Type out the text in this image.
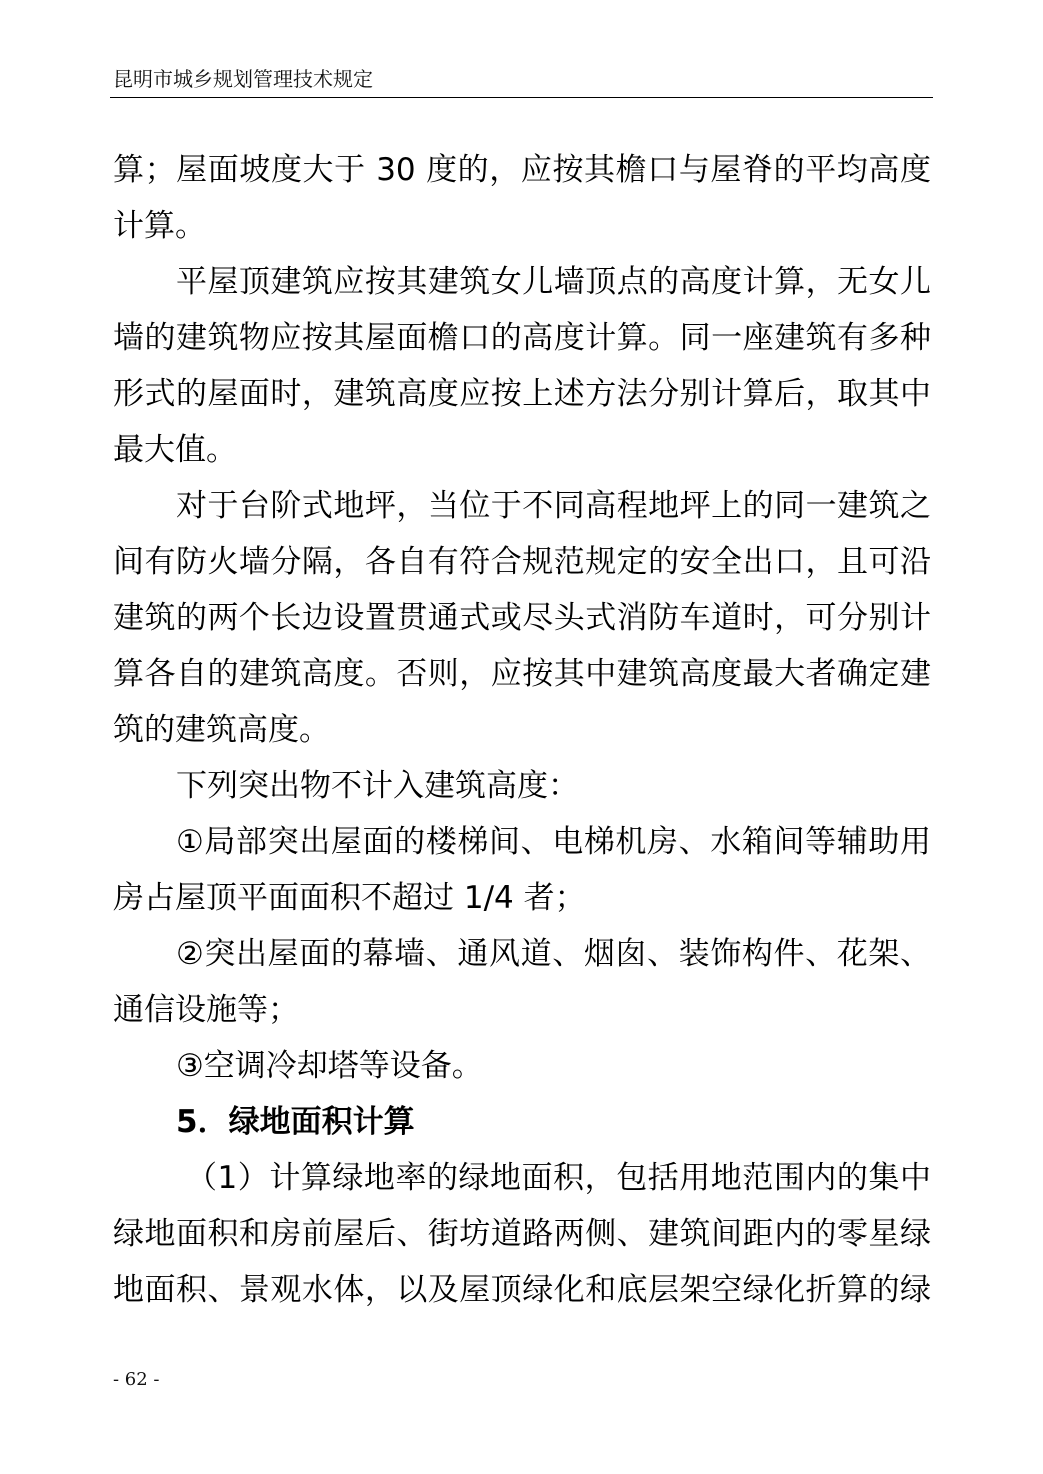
昆明市城乡规划管理技术规定
算；屋面坡度大于 30 度的，应按其檐口与屋脊的平均高度
计算。
平屋顶建筑应按其建筑女儿墙顶点的高度计算，无女儿
墙的建筑物应按其屋面檐口的高度计算。同一座建筑有多种
形式的屋面时，建筑高度应按上述方法分别计算后，取其中
最大值。
对于台阶式地坪，当位于不同高程地坪上的同一建筑之
间有防火墙分隔，各自有符合规范规定的安全出口，且可沿
建筑的两个长边设置贯通式或尽头式消防车道时，可分别计
算各自的建筑高度。否则，应按其中建筑高度最大者确定建
筑的建筑高度。
下列突出物不计入建筑高度：
①局部突出屋面的楼梯间、电梯机房、水箱间等辅助用
房占屋顶平面面积不超过 1/4 者；
②突出屋面的幕墙、通风道、烟囱、装饰构件、花架、
通信设施等；
③空调冷却塔等设备。
5．绿地面积计算
（1）计算绿地率的绿地面积，包括用地范围内的集中
绿地面积和房前屋后、街坊道路两侧、建筑间距内的零星绿
地面积、景观水体，以及屋顶绿化和底层架空绿化折算的绿
- 62 -
